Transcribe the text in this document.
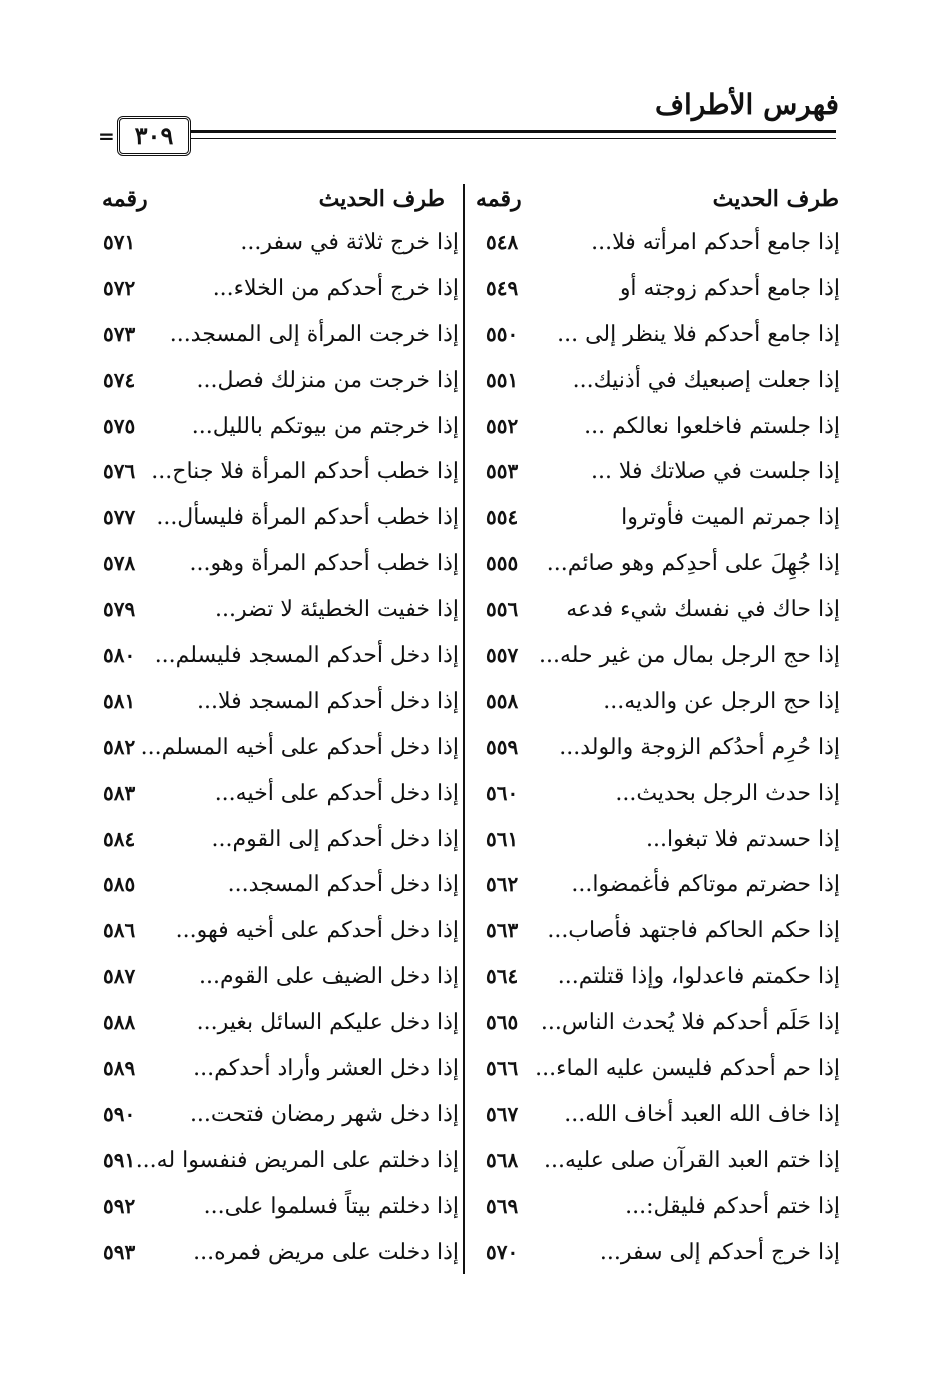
فهرس الأطراف
٣٠٩
=
طرف الحديث
رقمه
طرف الحديث
رقمه
إذا جامع أحدكم امرأته فلا...
٥٤٨
إذا جامع أحدكم زوجته أو
٥٤٩
إذا جامع أحدكم فلا ينظر إلى ...
٥٥٠
إذا جعلت إصبعيك في أذنيك...
٥٥١
إذا جلستم فاخلعوا نعالكم ...
٥٥٢
إذا جلست في صلاتك فلا ...
٥٥٣
إذا جمرتم الميت فأوتروا
٥٥٤
إذا جُهِلَ على أحدِكم وهو صائم...
٥٥٥
إذا حاك في نفسك شيء فدعه
٥٥٦
إذا حج الرجل بمال من غير حله...
٥٥٧
إذا حج الرجل عن والديه...
٥٥٨
إذا حُرِم أحدُكم الزوجة والولد...
٥٥٩
إذا حدث الرجل بحديث...
٥٦٠
إذا حسدتم فلا تبغوا...
٥٦١
إذا حضرتم موتاكم فأغمضوا...
٥٦٢
إذا حكم الحاكم فاجتهد فأصاب...
٥٦٣
إذا حكمتم فاعدلوا، وإذا قتلتم...
٥٦٤
إذا حَلَم أحدكم فلا يُحدث الناس...
٥٦٥
إذا حم أحدكم فليسن عليه الماء...
٥٦٦
إذا خاف الله العبد أخاف الله...
٥٦٧
إذا ختم العبد القرآن صلى عليه...
٥٦٨
إذا ختم أحدكم فليقل:...
٥٦٩
إذا خرج أحدكم إلى سفر...
٥٧٠
إذا خرج ثلاثة في سفر...
٥٧١
إذا خرج أحدكم من الخلاء...
٥٧٢
إذا خرجت المرأة إلى المسجد...
٥٧٣
إذا خرجت من منزلك فصل...
٥٧٤
إذا خرجتم من بيوتكم بالليل...
٥٧٥
إذا خطب أحدكم المرأة فلا جناح...
٥٧٦
إذا خطب أحدكم المرأة فليسأل...
٥٧٧
إذا خطب أحدكم المرأة وهو...
٥٧٨
إذا خفيت الخطيئة لا تضر...
٥٧٩
إذا دخل أحدكم المسجد فليسلم...
٥٨٠
إذا دخل أحدكم المسجد فلا...
٥٨١
إذا دخل أحدكم على أخيه المسلم...
٥٨٢
إذا دخل أحدكم على أخيه...
٥٨٣
إذا دخل أحدكم إلى القوم...
٥٨٤
إذا دخل أحدكم المسجد...
٥٨٥
إذا دخل أحدكم على أخيه فهو...
٥٨٦
إذا دخل الضيف على القوم...
٥٨٧
إذا دخل عليكم السائل بغير...
٥٨٨
إذا دخل العشر وأراد أحدكم...
٥٨٩
إذا دخل شهر رمضان فتحت...
٥٩٠
إذا دخلتم على المريض فنفسوا له...
٥٩١
إذا دخلتم بيتاً فسلموا على...
٥٩٢
إذا دخلت على مريض فمره...
٥٩٣
